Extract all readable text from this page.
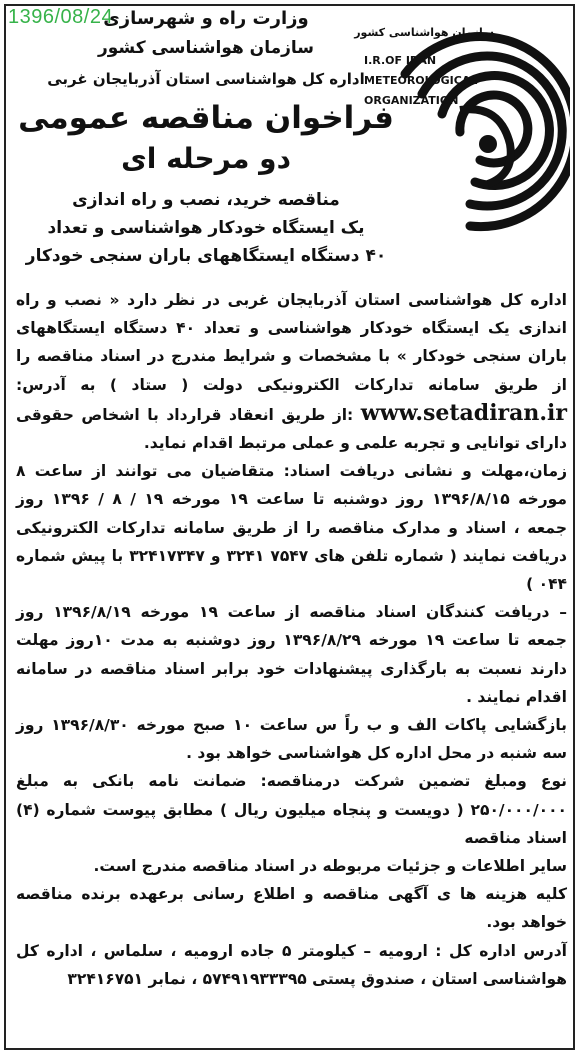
1396/08/24

وزارت راه و شهرسازی

سازمان هواشناسی کشور

اداره کل هواشناسی استان آذربایجان غربی

فراخوان مناقصه عمومی

دو مرحله ای

مناقصه خرید، نصب و راه اندازی

یک ایستگاه خودکار هواشناسی و تعداد

۴۰ دستگاه ایستگاههای باران سنجی خودکار

سازمان هواشناسی کشور
I.R.OF IRAN
METEOROLOGICAL
ORGANIZATION

اداره کل هواشناسی استان آذربایجان غربی در نظر دارد « نصب و راه اندازی یک ایستگاه خودکار هواشناسی و تعداد ۴۰ دستگاه ایستگاههای باران سنجی خودکار » با مشخصات و شرایط مندرج در اسناد مناقصه را از طریق سامانه تدارکات الکترونیکی دولت ( ستاد ) به آدرس: www.setadiran.ir :از طریق انعقاد قرارداد با اشخاص حقوقی دارای توانایی و تجربه علمی و عملی مرتبط اقدام نماید.

زمان،مهلت و نشانی دریافت اسناد: متقاضیان می توانند از ساعت ۸ مورخه ۱۳۹۶/۸/۱۵ روز دوشنبه تا ساعت ۱۹ مورخه ۱۹ / ۸ / ۱۳۹۶ روز جمعه ، اسناد و مدارک مناقصه را از طریق سامانه تدارکات الکترونیکی دریافت نمایند ( شماره تلفن های ۷۵۴۷ ۳۲۴۱ و ۳۲۴۱۷۳۴۷ با پیش شماره ۰۴۴ )

– دریافت کنندگان اسناد مناقصه از ساعت ۱۹ مورخه ۱۳۹۶/۸/۱۹ روز جمعه تا ساعت ۱۹ مورخه ۱۳۹۶/۸/۲۹ روز دوشنبه به مدت ۱۰روز مهلت دارند نسبت به بارگذاری پیشنهادات خود برابر اسناد مناقصه در سامانه اقدام نمایند .

بازگشایی پاکات الف و ب راً س ساعت ۱۰ صبح مورخه ۱۳۹۶/۸/۳۰ روز سه شنبه در محل اداره کل هواشناسی خواهد بود .

نوع ومبلغ تضمین شرکت درمناقصه: ضمانت نامه بانکی به مبلغ ۲۵۰/۰۰۰/۰۰۰ ( دویست و پنجاه میلیون ریال ) مطابق پیوست شماره (۴) اسناد مناقصه

سایر اطلاعات و جزئیات مربوطه در اسناد مناقصه مندرج است.

کلیه هزینه ها ی آگهی مناقصه و اطلاع رسانی برعهده برنده مناقصه خواهد بود.

آدرس اداره کل : ارومیه – کیلومتر ۵ جاده ارومیه ، سلماس ، اداره کل هواشناسی استان ، صندوق پستی ۵۷۴۹۱۹۳۳۳۹۵ ، نمابر ۳۲۴۱۶۷۵۱
